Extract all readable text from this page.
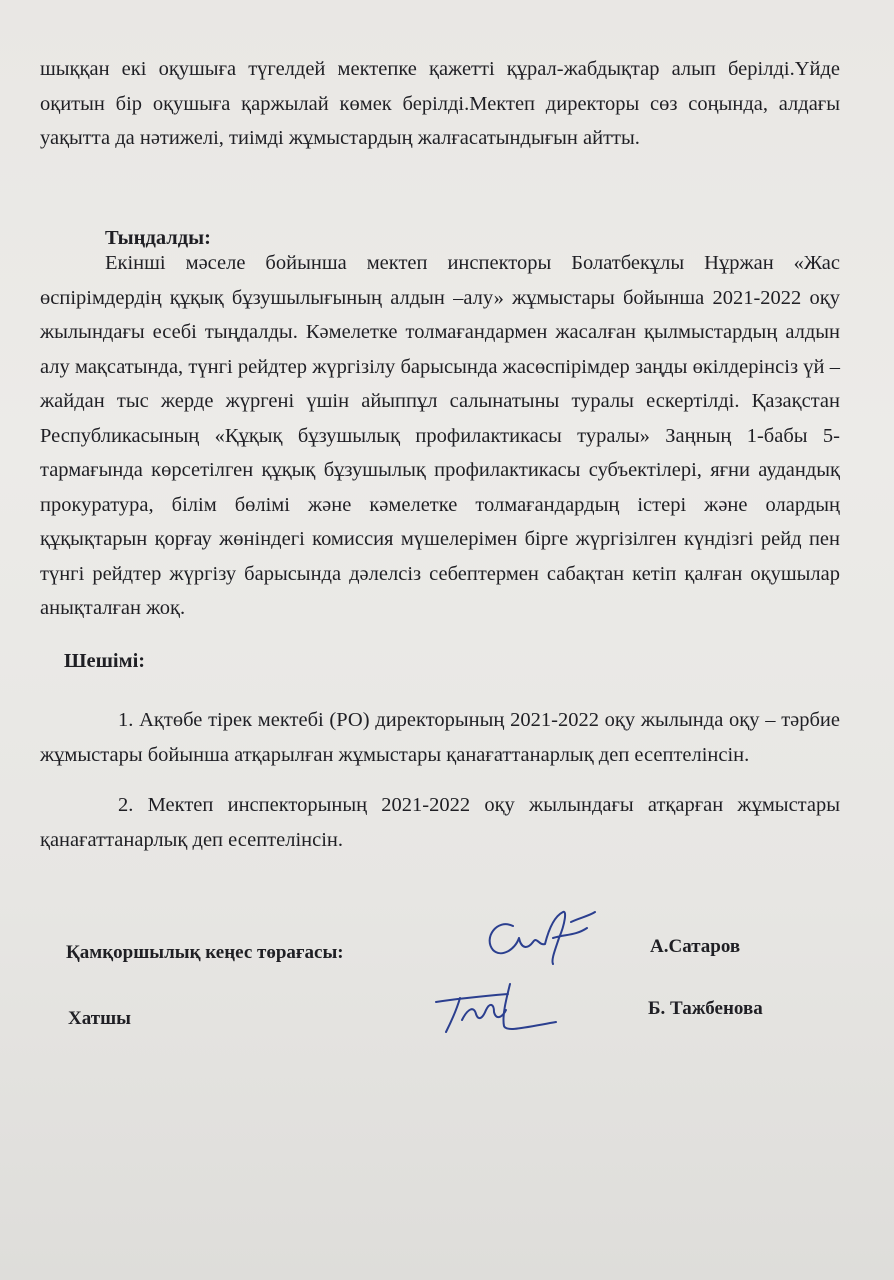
шыққан екі оқушыға түгелдей мектепке қажетті құрал-жабдықтар алып берілді.Үйде оқитын бір оқушыға қаржылай көмек берілді.Мектеп директоры сөз соңында, алдағы уақытта да нәтижелі, тиімді жұмыстардың жалғасатындығын айтты.

Тыңдалды:

Екінші мәселе бойынша мектеп инспекторы Болатбекұлы Нұржан «Жас өспірімдердің құқық бұзушылығының алдын –алу» жұмыстары бойынша 2021-2022 оқу жылындағы есебі тыңдалды. Кәмелетке толмағандармен жасалған қылмыстардың алдын алу мақсатында, түнгі рейдтер жүргізілу барысында жасөспірімдер заңды өкілдерінсіз үй – жайдан тыс жерде жүргені үшін айыппұл салынатыны туралы ескертілді. Қазақстан Республикасының «Құқық бұзушылық профилактикасы туралы» Заңның 1-бабы 5-тармағында көрсетілген құқық бұзушылық профилактикасы субъектілері, яғни аудандық прокуратура, білім бөлімі және кәмелетке толмағандардың істері және олардың құқықтарын қорғау жөніндегі комиссия мүшелерімен бірге жүргізілген күндізгі рейд пен түнгі рейдтер жүргізу барысында дәлелсіз себептермен сабақтан кетіп қалған оқушылар анықталған жоқ.

Шешімі:

1. Ақтөбе тірек мектебі (РО) директорының 2021-2022 оқу жылында оқу – тәрбие жұмыстары бойынша атқарылған жұмыстары қанағаттанарлық деп есептелінсін.

2. Мектеп инспекторының 2021-2022 оқу жылындағы атқарған жұмыстары қанағаттанарлық деп есептелінсін.

Қамқоршылық кеңес төрағасы:	А.Сатаров
Хатшы	Б. Тажбенова
